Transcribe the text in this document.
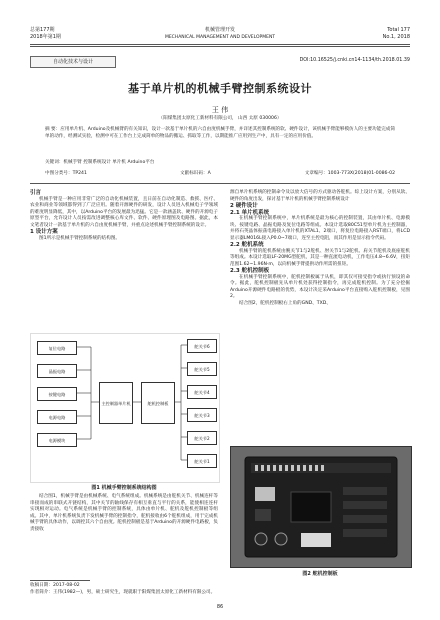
总第177期
2018年第1期
机械管理开发
MECHANICAL MANAGEMENT AND DEVELOPMENT
Total 177
No.1, 2018
自动化技术与设计	DOI:10.16525/j.cnki.cn14-1134/th.2018.01.39
基于单片机的机械手臂控制系统设计
王 伟
（阳煤集团太原化工新材料有限公司， 山西 太原 030006）
摘 要：应用单片机、Arduino及机械臂的有关知识，设计一款基于单片机的六自由度机械手臂，并详述其控制系统的软、硬件设计，该机械手臂能够模仿人的主要功能完成简单的动作，经测试实验，检测中可在工作台上完成简单的物品的搬运、抓取等工作，以期能推广应用到生产中，具有一定的应用价值。
关键词：机械手臂 控制系统设计 单片机 Arduino平台
中图分类号：TP241	文献标识码：A	文章编号：1003-773X(2018)01-0086-02
引言
机械手臂是一种应用非常广泛的自动化机械装置，且日前在自动化制造、救援、医疗、农业和商业等领域都得到了广泛应用。随着开源硬件的研发，设计人员进入机械电子学领域的难度明显降低，其中，以Arduino平台的发展最为迅猛。它是一款涵盖软、硬件的开源电子原型平台，允许设计人员按需改进调整核心库文件、软件、硬件原理图及电路图。据此，本文笔者设计一款基于单片机的六自由度机械手臂，并重点论述机械手臂控制系统的设计。
1 设计方案
图1所示是机械手臂控制系统的结构图。
复位电路
晶振电路
按键电路
电源电路
电源模块
主控制器单片机	舵机控制板
舵关节6
舵关节5
舵关节4
舵关节3
舵关节2
舵关节1
图1 机械手臂控制系统结构图
结合图1，机械手臂是由机械系统、电气系统组成。机械系统是由舵机关节、机械连杆等串接而成的串联式开链结构，其中关节的轴线保存有相互垂直与平行的关系，能使相连连杆实现相对运动。电气系统是机械手臂的控制系统，具体由单片机、舵机及舵机控制板等组成。其中，单片机系统负责下发机械手臂的控制指令，舵机接收由6个舵机组成，用于完成机械手臂的具体动作，以调控其六个自由度。舵机控制板是基于Arduino的开源硬件电路板，负责接收
收稿日期：2017-08-02
作者简介：王伟(1982—)，男，硕士研究生，现就职于阳煤集团太原化工新材料有限公司。
源自单片机系统的控制命令及以放大信号的方式驱动各舵机。综上设计方案，分别从软、硬件的角度出发，探讨基于单片机的机械手臂控制系统设计
2 硬件设计
2.1 单片机系统
在机械手臂控制系统中，单片机系统是最为核心的控制装置，其由单片机、电源模块、按键电路、晶振电路及复位电路等组成。本设计选取80C51型单片机为主控制器，并将石英晶体振荡电路接入单片机的XTAL1、2端口，将复位电路接入RST端口，将LCD显示器LM016L接入P0.0~7端口，连至主控电阻，而其作用是显示指令代码。
2.2 舵机系统
机械手臂的舵机系统由腕关节1与2舵机、肘关节1与2舵机、肩关节舵机及底座舵机等组成。本设计选取LF-20MG型舵机，其是一种直流电动机，工作电压4.8~6.6V，扭矩范围1.62~1.96N·m，以向机械手臂提供动作所需的扭矩。
2.3 舵机控制板
在机械手臂控制系统中，舵机控制板属于从机，即其仅可接受指令或执行预设的命令。据此，舵机控制板先从单片机处获得控制指令，再完成舵机控制。为了充分挖掘Arduino开源硬件电路板的优势，本设计决定采Arduino平台直接购入舵机控制板，见图2。
结合图2，舵机控制板右上角的GND、TXD、
图2 舵机控制板
86
